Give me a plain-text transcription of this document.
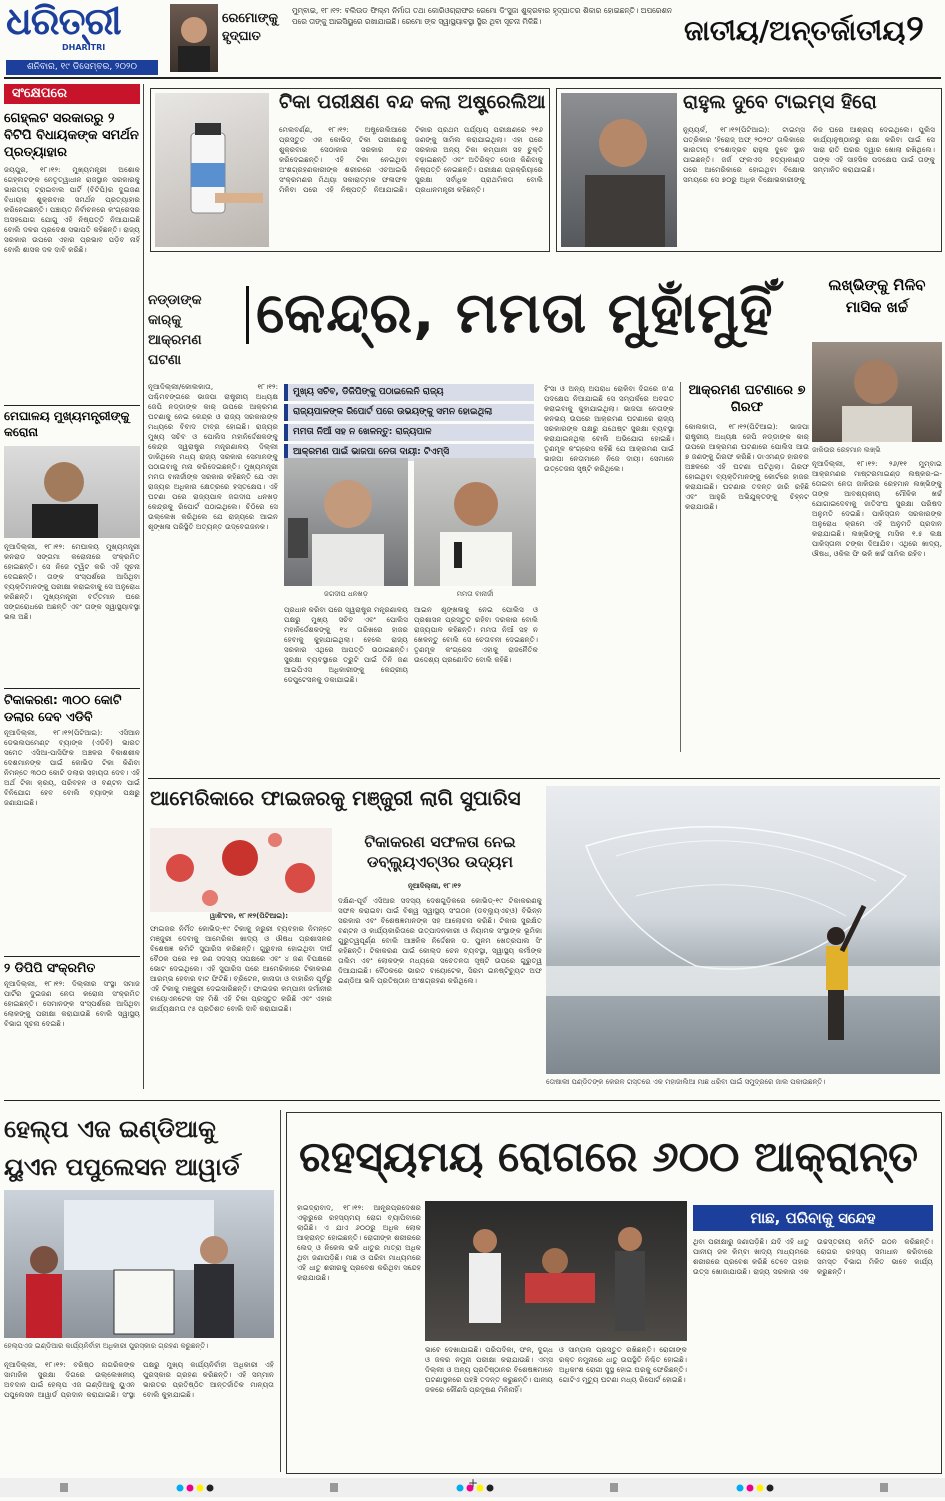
ଧରିତ୍ରୀ
DHARITRI
ଶନିବାର, ୧୯ ଡିସେମ୍ବର, ୨୦୨୦
ରେମୋଙ୍କୁ ହୃଦ୍‌ଘାତ
ମୁମ୍ବାଇ, ୧୮।୧୨: ବଲିଉଡ ଫିଲ୍ମ ନିର୍ମାତା ତଥା କୋରିଓଗ୍ରାଫର ରେମୋ ଡି'ସୁଜା ଶୁକ୍ରବାର ହୃଦ୍‌ଘାତର ଶିକାର ହୋଇଛନ୍ତି। ଅପରେଶନ ପରେ ତାଙ୍କୁ ଆଇସିୟୁରେ ରଖାଯାଇଛି। ରେମୋ ଙ୍କ ସ୍ୱାସ୍ଥ୍ୟାବସ୍ଥା ସ୍ଥିର ଥିବା ସୂଚନା ମିଳିଛି।	ଜାତୀୟ/ଅନ୍ତର୍ଜାତୀୟ ୨
ସଂକ୍ଷେପରେ
ଗେହ୍‌ଲଟ ସରକାରରୁ ୨ ବିଟିପି ବିଧାୟକଙ୍କ ସମର୍ଥନ ପ୍ରତ୍ୟାହାର
ଜୟପୁର, ୧୮।୧୨: ମୁଖ୍ୟମନ୍ତ୍ରୀ ଅଶୋକ ଗେହ୍‌ଲଟଙ୍କ ନେତୃତ୍ୱାଧୀନ ରାଜସ୍ଥାନ ସରକାରକୁ ଭାରତୀୟ ଟ୍ରାଇବାଲ ପାର୍ଟି (ବିଟିପି)ର ଦୁଇଜଣ ବିଧାୟକ ଶୁକ୍ରବାର ସମର୍ଥନ ପ୍ରତ୍ୟାହାର କରିନେଇଛନ୍ତି। ପଞ୍ଚାୟତ ନିର୍ବାଚନରେ କଂଗ୍ରେସର ଅସହଯୋଗ ଯୋଗୁ ଏହି ନିଷ୍ପତ୍ତି ନିଆଯାଇଛି ବୋଲି ଦଳର ପ୍ରଦେଶ ସଭାପତି କହିଛନ୍ତି। ରାଜ୍ୟ ସରକାର ଉପରେ ଏହାର ପ୍ରଭାବ ପଡ଼ିବ ନାହିଁ ବୋଲି ଶାସକ ଦଳ ଦାବି କରିଛି।
ମେଘାଳୟ ମୁଖ୍ୟମନ୍ତ୍ରୀଙ୍କୁ କରୋନା
ନୂଆଦିଲ୍ଲୀ, ୧୮।୧୨: ମେଘାଳୟ ମୁଖ୍ୟମନ୍ତ୍ରୀ କନରାଡ ସଙ୍ଗମା କରୋନାରେ ସଂକ୍ରମିତ ହୋଇଛନ୍ତି। ସେ ନିଜେ ଟ୍ୱିଟ କରି ଏହି ସୂଚନା ଦେଇଛନ୍ତି। ତାଙ୍କ ସଂସ୍ପର୍ଶରେ ଆସିଥିବା ବ୍ୟକ୍ତିମାନଙ୍କୁ ପରୀକ୍ଷା କରାଇବାକୁ ସେ ଅନୁରୋଧ କରିଛନ୍ତି। ମୁଖ୍ୟମନ୍ତ୍ରୀ ବର୍ତ୍ତମାନ ଘରେ ସଙ୍ଗରୋଧରେ ଅଛନ୍ତି ଏବଂ ତାଙ୍କ ସ୍ୱାସ୍ଥ୍ୟାବସ୍ଥା ଭଲ ଅଛି।
ଟିକାକରଣ: ୩୦୦ କୋଟି ଡଲାର ଦେବ ଏଡିବି
ନୂଆଦିଲ୍ଲୀ, ୧୮।୧୨(ପିଟିଆଇ): ଏସିଆନ ଡେଭଲପମେଣ୍ଟ ବ୍ୟାଙ୍କ (ଏଡିବି) ଭାରତ ସମେତ ଏସିଆ-ପାସିଫିକ ଅଞ୍ଚଳର ବିକାଶଶୀଳ ଦେଶମାନଙ୍କ ପାଇଁ କୋଭିଡ ଟିକା କିଣିବା ନିମନ୍ତେ ୩୦୦ କୋଟି ଡଲାର ସହାୟତା ଦେବ। ଏହି ଅର୍ଥ ଟିକା କ୍ରୟ, ପରିବହନ ଓ ବଣ୍ଟନ ପାଇଁ ବିନିଯୋଗ ହେବ ବୋଲି ବ୍ୟାଙ୍କ ପକ୍ଷରୁ ଜଣାଯାଇଛି।
୨ ଡିପିପି ସଂକ୍ରମିତ
ନୂଆଦିଲ୍ଲୀ, ୧୮।୧୨: ଦିଲ୍ଲୀର ସଂସ୍ଥା ସମାଜ ପାର୍ଟିର ଦୁଇଜଣ ନେତା କରୋନା ସଂକ୍ରମିତ ହୋଇଛନ୍ତି। ସେମାନଙ୍କ ସଂସ୍ପର୍ଶରେ ଆସିଥିବା ଲୋକଙ୍କୁ ପରୀକ୍ଷା କରାଯାଉଛି ବୋଲି ସ୍ୱାସ୍ଥ୍ୟ ବିଭାଗ ସୂଚନା ଦେଇଛି।
ଟିକା ପରୀକ୍ଷଣ ବନ୍ଦ କଲା ଅଷ୍ଟ୍ରେଲିଆ
ମେଲବର୍ଣ୍ଣ, ୧୮।୧୨: ଅଷ୍ଟ୍ରେଲିଆରେ ପ୍ରସ୍ତୁତ ଏକ କୋଭିଡ୍ ଟିକା ପରୀକ୍ଷଣକୁ ଶୁକ୍ରବାର ସେଠାକାର ସରକାର ବନ୍ଦ କରିଦେଇଛନ୍ତି। ଏହି ଟିକା ନେଇଥିବା ଅଂଶଗ୍ରହଣକାରୀଙ୍କ ଶରୀରରେ ଏଚଆଇଭି ସଂକ୍ରମଣର ମିଥ୍ୟା ସକାରାତ୍ମକ ଫଳାଫଳ ମିଳିବା ପରେ ଏହି ନିଷ୍ପତ୍ତି ନିଆଯାଇଛି। ଟିକାର ପ୍ରଥମ ପର୍ଯ୍ୟାୟ ପରୀକ୍ଷଣରେ ୨୧୬ ଜଣଙ୍କୁ ସାମିଲ କରାଯାଇଥିଲା। ଏହା ପରେ ସରକାର ଅନ୍ୟ ଟିକା କମ୍ପାନୀ ସହ ଚୁକ୍ତି ବଢ଼ାଇଛନ୍ତି ଏବଂ ଅତିରିକ୍ତ ଡୋଜ କିଣିବାକୁ ନିଷ୍ପତ୍ତି ନେଇଛନ୍ତି। ପରୀକ୍ଷଣ ପ୍ରକ୍ରିୟାରେ ସୁରକ୍ଷା ସର୍ବାଧିକ ପ୍ରାଥମିକତା ବୋଲି ପ୍ରଧାନମନ୍ତ୍ରୀ କହିଛନ୍ତି।
ରାହୁଲ ଦୁବେ ଟାଇମ୍ସ ହିରୋ
ନ୍ୟୁୟର୍କ, ୧୮।୧୨(ପିଟିଆଇ): ଟାଇମ୍ସ ପତ୍ରିକାର 'ହିରୋଜ୍ ଅଫ୍ ୨୦୨୦' ତାଲିକାରେ ଭାରତୀୟ ବଂଶୋଦ୍ଭବ ରାହୁଲ ଦୁବେ ସ୍ଥାନ ପାଇଛନ୍ତି। ଜର୍ଜ ଫ୍ଲଏଡ ହତ୍ୟାକାଣ୍ଡ ପରେ ଆମେରିକାରେ ହୋଇଥିବା ବିକ୍ଷୋଭ ସମୟରେ ସେ ୭୦ରୁ ଅଧିକ ବିକ୍ଷୋଭକାରୀଙ୍କୁ ନିଜ ଘରେ ଆଶ୍ରୟ ଦେଇଥିଲେ। ପୁଲିସ କାର୍ଯ୍ୟାନୁଷ୍ଠାନରୁ ରକ୍ଷା କରିବା ପାଇଁ ସେ ସାରା ରାତି ଘରର ଦ୍ୱାର ଖୋଲା ରଖିଥିଲେ। ତାଙ୍କ ଏହି ସାହସିକ ପଦକ୍ଷେପ ପାଇଁ ତାଙ୍କୁ ସମ୍ମାନିତ କରାଯାଇଛି।
ନଡ୍ଡାଙ୍କ କାର୍‌କୁ ଆକ୍ରମଣ ଘଟଣା
କେନ୍ଦ୍ର, ମମତା ମୁହାଁମୁହିଁ
ନୂଆଦିଲ୍ଲୀ/କୋଲକାତା, ୧୮।୧୨: ପଶ୍ଚିମବଙ୍ଗରେ ଭାଜପା ରାଷ୍ଟ୍ରୀୟ ଅଧ୍ୟକ୍ଷ ଜେପି ନଡ୍ଡାଙ୍କ କାର୍‌ ଉପରେ ଆକ୍ରମଣ ଘଟଣାକୁ ନେଇ କେନ୍ଦ୍ର ଓ ରାଜ୍ୟ ସରକାରଙ୍କ ମଧ୍ୟରେ ବିବାଦ ତୀବ୍ର ହୋଇଛି। ରାଜ୍ୟର ମୁଖ୍ୟ ସଚିବ ଓ ପୋଲିସ ମହାନିର୍ଦ୍ଦେଶକଙ୍କୁ କେନ୍ଦ୍ର ସ୍ୱରାଷ୍ଟ୍ର ମନ୍ତ୍ରଣାଳୟ ଦିଲ୍ଲୀ ଡାକିଥିଲେ ମଧ୍ୟ ରାଜ୍ୟ ସରକାର ସେମାନଙ୍କୁ ପଠାଇବାକୁ ମନା କରିଦେଇଛନ୍ତି। ମୁଖ୍ୟମନ୍ତ୍ରୀ ମମତା ବାନାର୍ଜୀଙ୍କ ସରକାର କହିଛନ୍ତି ଯେ ଏହା ରାଜ୍ୟର ଅଧିକାର କ୍ଷେତ୍ରରେ ହସ୍ତକ୍ଷେପ। ଏହି ଘଟଣା ପରେ ରାଜ୍ୟପାଳ ଜଗଦୀପ ଧନଖଡ଼ କେନ୍ଦ୍ରକୁ ରିପୋର୍ଟ ପଠାଇଥିଲେ। ଚିଠିରେ ସେ ଉଲ୍ଲେଖ କରିଥିଲେ ଯେ ରାଜ୍ୟରେ ଆଇନ ଶୃଙ୍ଖଳା ପରିସ୍ଥିତି ଅତ୍ୟନ୍ତ ଉଦ୍‌ବେଗଜନକ।
ମୁଖ୍ୟ ସଚିବ, ଡିଜିପିଙ୍କୁ ପଠାଇଲେନି ରାଜ୍ୟ
ରାଜ୍ୟପାଳଙ୍କ ରିପୋର୍ଟ ପରେ ଉଭୟଙ୍କୁ ସମନ ହୋଇଥିଲା
ମମତା ନିଆଁ ସହ ନ ଖେଳନ୍ତୁ: ରାଜ୍ୟପାଳ
ଆକ୍ରମଣ ପାଇଁ ଭାଜପା ନେତା ଦାୟୀ: ଟିଏମ୍‌ସି
ଜଗଦୀପ ଧନଖଡ଼	ମମତା ବାନାର୍ଜୀ
ପ୍ରଧାନ କରିବା ପରେ ସ୍ୱରାଷ୍ଟ୍ର ମନ୍ତ୍ରଣାଳୟ ପକ୍ଷରୁ ମୁଖ୍ୟ ସଚିବ ଏବଂ ପୋଲିସ ମହାନିର୍ଦ୍ଦେଶକଙ୍କୁ ୧୪ ତାରିଖରେ ହାଜର ହେବାକୁ କୁହାଯାଇଥିଲା। ହେଲେ ରାଜ୍ୟ ସରକାର ଏଥିରେ ଆପତ୍ତି ଉଠାଇଛନ୍ତି। ସୁରକ୍ଷା ବ୍ୟବସ୍ଥାରେ ତ୍ରୁଟି ପାଇଁ ତିନି ଜଣ ଆଇପିଏସ ଅଧିକାରୀଙ୍କୁ କେନ୍ଦ୍ରୀୟ ଡେପୁଟେସନକୁ ଡକାଯାଇଛି।
ଆଇନ ଶୃଙ୍ଖଳାକୁ ନେଇ ପୋଲିସ ଓ ପ୍ରଶାସନ ପ୍ରସ୍ତୁତ ରହିବା ଦରକାର ବୋଲି ରାଜ୍ୟପାଳ କହିଛନ୍ତି। ମମତା ନିଆଁ ସହ ନ ଖେଳନ୍ତୁ ବୋଲି ସେ ଚେତାବନୀ ଦେଇଛନ୍ତି। ତୃଣମୂଳ କଂଗ୍ରେସ ଏହାକୁ ରାଜନୈତିକ ଉଦ୍ଦେଶ୍ୟ ପ୍ରଣୋଦିତ ବୋଲି କହିଛି।
ହିଂସା ଓ ଅନ୍ୟ ଅପରାଧ ରୋକିବା ଦିଗରେ ଜ'ଣ ପଦକ୍ଷେପ ନିଆଯାଇଛି ସେ ସମ୍ପର୍କରେ ଅବଗତ କରାଇବାକୁ କୁହାଯାଇଥିଲା। ଭାଜପା ନେତାଙ୍କ କନଭୟ ଉପରେ ଆକ୍ରମଣ ଘଟଣାରେ ରାଜ୍ୟ ସରକାରଙ୍କ ପକ୍ଷରୁ ଯଥେଷ୍ଟ ସୁରକ୍ଷା ବ୍ୟବସ୍ଥା କରାଯାଇନଥିଲା ବୋଲି ଅଭିଯୋଗ ହୋଇଛି। ତୃଣମୂଳ କଂଗ୍ରେସ କହିଛି ଯେ ଆକ୍ରମଣ ପାଇଁ ଭାଜପା ନେତାମାନେ ନିଜେ ଦାୟୀ। ସେମାନେ ଉତ୍ତେଜନା ସୃଷ୍ଟି କରିଥିଲେ।
ଆକ୍ରମଣ ଘଟଣାରେ ୭ ଗିରଫ
କୋଲକାତା, ୧୮।୧୨(ପିଟିଆଇ): ଭାଜପା ରାଷ୍ଟ୍ରୀୟ ଅଧ୍ୟକ୍ଷ ଜେପି ନଡ୍ଡାଙ୍କ କାର୍‌ ଉପରେ ଆକ୍ରମଣ ଘଟଣାରେ ପୋଲିସ ଆଉ ୭ ଜଣଙ୍କୁ ଗିରଫ କରିଛି। ଡାଏମଣ୍ଡ ହାରବର ଅଞ୍ଚଳରେ ଏହି ଘଟଣା ଘଟିଥିଲା। ଗିରଫ ହୋଇଥିବା ବ୍ୟକ୍ତିମାନଙ୍କୁ କୋର୍ଟରେ ହାଜର କରାଯାଇଛି। ଘଟଣାର ତଦନ୍ତ ଜାରି ରହିଛି ଏବଂ ଆହୁରି ଅଭିଯୁକ୍ତଙ୍କୁ ଚିହ୍ନଟ କରାଯାଉଛି।
ଲଖ୍‌ଭିଙ୍କୁ ମିଳିବ ମାସିକ ଖର୍ଚ୍ଚ
ଜାକିଉର ରେହମାନ ଲଖ୍‌ଭି
ନୂଆଦିଲ୍ଲୀ, ୧୮।୧୨: ୨୬/୧୧ ମୁମ୍ବାଇ ଆକ୍ରମଣର ମାଷ୍ଟରମାଇଣ୍ଡ ଲଷ୍କର-ଇ-ତୋଇବା ନେତା ଜାକିଉର ରେହମାନ ଲଖ୍‌ଭିଙ୍କୁ ତାଙ୍କ ଆବଶ୍ୟକୀୟ ମୌଳିକ ଖର୍ଚ୍ଚ ଯୋଗାଇଦେବାକୁ ଜାତିସଂଘ ସୁରକ୍ଷା ପରିଷଦ ଅନୁମତି ଦେଇଛି। ପାକିସ୍ତାନ ସରକାରଙ୍କ ଅନୁରୋଧ କ୍ରମେ ଏହି ଅନୁମତି ପ୍ରଦାନ କରାଯାଇଛି। ଲଖ୍‌ଭିଙ୍କୁ ମାସିକ ୧.୫ ଲକ୍ଷ ପାକିସ୍ତାନୀ ଟଙ୍କା ଦିଆଯିବ। ଏଥିରେ ଖାଦ୍ୟ, ଔଷଧ, ଓକିଲ ଫି ଭଳି ଖର୍ଚ୍ଚ ସାମିଲ ରହିବ।
ଆମେରିକାରେ ଫାଇଜରକୁ ମଞ୍ଜୁରୀ ଲାଗି ସୁପାରିସ
ଟିକାକରଣ ସଫଳତା ନେଇ ଡବ୍ଲ୍ୟୁଏଚ୍‌ଓର ଉଦ୍ୟମ
ନୂଆଦିଲ୍ଲୀ, ୧୮।୧୨
ୱାଶିଂଟନ, ୧୮।୧୨(ପିଟିଆଇ):
ଫାଇଜର ନିର୍ମିତ କୋଭିଡ୍-୧୯ ଟିକାକୁ ଜରୁରୀ ବ୍ୟବହାର ନିମନ୍ତେ ମଞ୍ଜୁରୀ ଦେବାକୁ ଆମେରିକା ଖାଦ୍ୟ ଓ ଔଷଧ ପ୍ରଶାସନର ବିଶେଷଜ୍ଞ କମିଟି ସୁପାରିସ କରିଛନ୍ତି। ଗୁରୁବାର ହୋଇଥିବା ଦୀର୍ଘ ବୈଠକ ପରେ ୧୭ ଜଣ ସଦସ୍ୟ ସପକ୍ଷରେ ଏବଂ ୪ ଜଣ ବିପକ୍ଷରେ ଭୋଟ ଦେଇଥିଲେ। ଏହି ସୁପାରିସ ପରେ ଆମେରିକାରେ ଟିକାକରଣ ଆରମ୍ଭ ହେବାର ବାଟ ଫିଟିଛି। ବ୍ରିଟେନ, କାନାଡା ଓ ବାହାରିନ ପୂର୍ବରୁ ଏହି ଟିକାକୁ ମଞ୍ଜୁରୀ ଦେଇସାରିଛନ୍ତି। ଫାଇଜର କମ୍ପାନୀ ଜର୍ମାନୀର ବାୟୋଏନଟେକ ସହ ମିଶି ଏହି ଟିକା ପ୍ରସ୍ତୁତ କରିଛି ଏବଂ ଏହାର କାର୍ଯ୍ୟକ୍ଷମତା ୯୫ ପ୍ରତିଶତ ବୋଲି ଦାବି କରାଯାଇଛି।
ଦକ୍ଷିଣ-ପୂର୍ବ ଏସିଆର ସଦସ୍ୟ ଦେଶଗୁଡ଼ିକରେ କୋଭିଡ୍-୧୯ ଟିକାକରଣକୁ ସଫଳ କରାଇବା ପାଇଁ ବିଶ୍ୱ ସ୍ୱାସ୍ଥ୍ୟ ସଂଗଠନ (ଡବ୍ଲ୍ୟୁଏଚ୍‌ଓ) ବିଭିନ୍ନ ସରକାର ଏବଂ ବିଶେଷଜ୍ଞମାନଙ୍କ ସହ ଆଲୋଚନା କରିଛି। ଟିକାର ସୁରକ୍ଷିତ ବଣ୍ଟନ ଓ କାର୍ଯ୍ୟକାରିତାରେ ଉତ୍ପାଦନକାରୀ ଓ ନିୟାମକ ସଂସ୍ଥାଙ୍କ ଭୂମିକା ଗୁରୁତ୍ୱପୂର୍ଣ୍ଣ ବୋଲି ଆଞ୍ଚଳିକ ନିର୍ଦ୍ଦେଶକ ଡ. ପୁନମ ଖେତ୍ରପାଲ ସିଂ କହିଛନ୍ତି। ଟିକାକରଣ ପାଇଁ କୋଲ୍ଡ ଚେନ ବ୍ୟବସ୍ଥା, ସ୍ୱାସ୍ଥ୍ୟ କର୍ମୀଙ୍କ ତାଲିମ ଏବଂ ଲୋକଙ୍କ ମଧ୍ୟରେ ସଚେତନତା ସୃଷ୍ଟି ଉପରେ ଗୁରୁତ୍ୱ ଦିଆଯାଇଛି। ବୈଠକରେ ଭାରତ ବାୟୋଟେକ, ସିରମ ଇନଷ୍ଟିଚ୍ୟୁଟ ଅଫ ଇଣ୍ଡିଆ ଭଳି ପ୍ରତିଷ୍ଠାନ ଅଂଶଗ୍ରହଣ କରିଥିଲେ।
ତୋଷାଲୀ ପଣ୍ଡିତଙ୍କ କେରଳ ଗସ୍ତରେ ଏକ ମହାଜାଲିଆ ମାଛ ଧରିବା ପାଇଁ ସମୁଦ୍ରରେ ଜାଲ ପକାଉଛନ୍ତି।
ହେଲ୍ପ ଏଜ ଇଣ୍ଡିଆକୁ ୟୁଏନ ପପୁଲେସନ ଆୱାର୍ଡ
ହେଲ୍ପଏଜ ଇଣ୍ଡିଆର କାର୍ଯ୍ୟନିର୍ବାହୀ ଅଧିକାରୀ ପୁରସ୍କାର ଗ୍ରହଣ କରୁଛନ୍ତି।
ନୂଆଦିଲ୍ଲୀ, ୧୮।୧୨: ବରିଷ୍ଠ ନାଗରିକଙ୍କ ସାମାଜିକ ସୁରକ୍ଷା ଦିଗରେ ଉଲ୍ଲେଖନୀୟ ଅବଦାନ ପାଇଁ ହେଲ୍ପ ଏଜ ଇଣ୍ଡିଆକୁ ୟୁଏନ ପପୁଲେସନ ଆୱାର୍ଡ ପ୍ରଦାନ କରାଯାଇଛି। ସଂସ୍ଥା ପକ୍ଷରୁ ମୁଖ୍ୟ କାର୍ଯ୍ୟନିର୍ବାହୀ ଅଧିକାରୀ ଏହି ପୁରସ୍କାର ଗ୍ରହଣ କରିଛନ୍ତି। ଏହି ସମ୍ମାନ ଭାରତର ପ୍ରତିଷ୍ଠିତ ଆନ୍ତର୍ଜାତିକ ମାନ୍ୟତା ବୋଲି କୁହାଯାଇଛି।
ରହସ୍ୟମୟ ରୋଗରେ ୬୦୦ ଆକ୍ରାନ୍ତ
ହାଇଦ୍ରାବାଦ, ୧୮।୧୨: ଆନ୍ଧ୍ରପ୍ରଦେଶର ଏଲୁରୁରେ ରହସ୍ୟମୟ ରୋଗ ବ୍ୟାପିବାରେ ଲାଗିଛି। ଏ ଯାଏ ୬୦୦ରୁ ଅଧିକ ଲୋକ ଆକ୍ରାନ୍ତ ହୋଇଛନ୍ତି। ରୋଗୀଙ୍କ ଶରୀରରେ ଲେଡ୍ ଓ ନିକେଲ ଭଳି ଧାତୁର ମାତ୍ରା ଅଧିକ ଥିବା ଜଣାପଡ଼ିଛି। ମାଛ ଓ ପରିବା ମାଧ୍ୟମରେ ଏହି ଧାତୁ ଶରୀରକୁ ପ୍ରବେଶ କରିଥିବା ସନ୍ଦେହ କରାଯାଉଛି।
ଭାବେ ଦେଖାଯାଇଛି। ପରିପଦିକା, ଫଳ, ଦୁଗ୍ଧ ଓ ଜଳର ନମୁନା ପରୀକ୍ଷା କରାଯାଉଛି। ଏମ୍ସ ଦିଲ୍ଲୀ ଓ ଅନ୍ୟ ପ୍ରତିଷ୍ଠାନର ବିଶେଷଜ୍ଞମାନେ ଘଟଣାସ୍ଥଳରେ ପହଞ୍ଚି ତଦନ୍ତ କରୁଛନ୍ତି। ପାନୀୟ ଜଳରେ କୌଣସି ପ୍ରଦୂଷଣ ମିଳିନାହିଁ।
ଓ ସାମ୍ପଲ ପ୍ରସ୍ତୁତ ରଖିଛନ୍ତି। ରୋଗୀଙ୍କ ରକ୍ତ ନମୁନାରେ ଧାତୁ ଉପସ୍ଥିତି ନିଶ୍ଚିତ ହୋଇଛି। ଅଧିକାଂଶ ରୋଗୀ ସୁସ୍ଥ ହୋଇ ଘରକୁ ଫେରିଛନ୍ତି। ଗୋଟିଏ ମୃତ୍ୟୁ ଘଟଣା ମଧ୍ୟ ରିପୋର୍ଟ ହୋଇଛି।
ମାଛ, ପରିବାକୁ ସନ୍ଦେହ
ଥିବା ପରୀକ୍ଷାରୁ ଜଣାପଡ଼ିଛି। ଯଦି ଏହି ଧାତୁ ପାନୀୟ ଜଳ କିମ୍ବା ଖାଦ୍ୟ ମାଧ୍ୟମରେ ଶରୀରରେ ପ୍ରବେଶ କରିଛି ତେବେ ତାହାର ଉତ୍ସ ଖୋଜାଯାଉଛି। ରାଜ୍ୟ ସରକାର ଏକ ଉଚ୍ଚସ୍ତରୀୟ କମିଟି ଗଠନ କରିଛନ୍ତି। ରୋଗର ରହସ୍ୟ ସମାଧାନ କରିବାରେ ସମସ୍ତ ବିଭାଗ ମିଳିତ ଭାବେ କାର୍ଯ୍ୟ କରୁଛନ୍ତି।
+
